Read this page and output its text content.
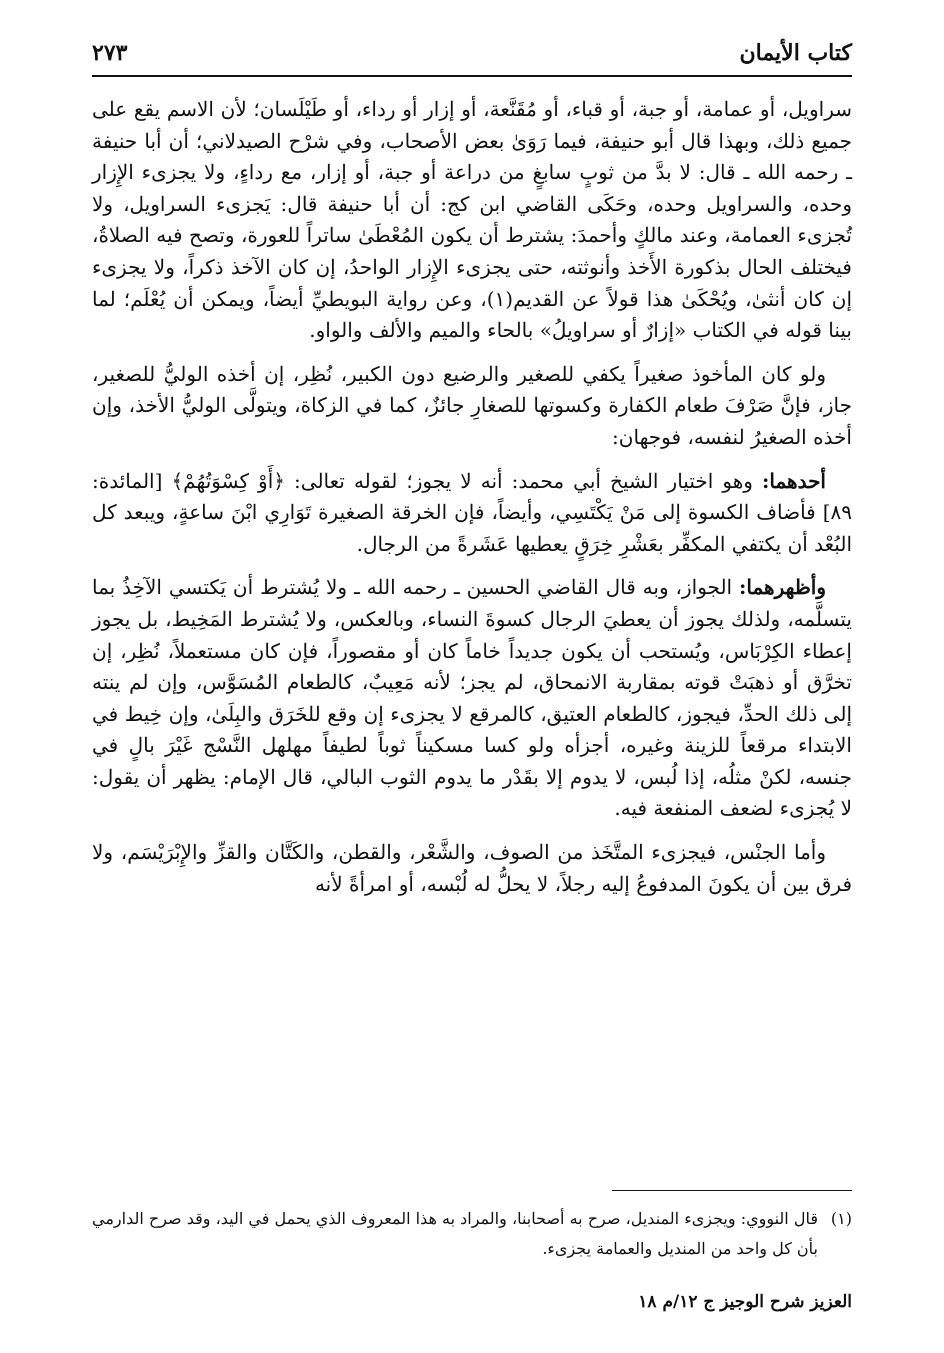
كتاب الأيمان
٢٧٣

سراويل، أو عمامة، أو جبة، أو قباء، أو مُقَنَّعة، أو إزار أو رداء، أو طَيْلَسان؛ لأن الاسم يقع على جميع ذلك، وبهذا قال أبو حنيفة، فيما رَوَىٰ بعض الأصحاب، وفي شرْح الصيدلاني؛ أن أبا حنيفة ـ رحمه الله ـ قال: لا بدَّ من ثوبٍ سابغٍ من دراعة أو جبة، أو إزار، مع رداءٍ، ولا يجزىء الإِزار وحده، والسراويل وحده، وحَكَى القاضي ابن كج: أن أبا حنيفة قال: يَجزىء السراويل، ولا تُجزىء العمامة، وعند مالكٍ وأحمدَ: يشترط أن يكون المُعْطَىٰ ساتراً للعورة، وتصح فيه الصلاةُ، فيختلف الحال بذكورة الأَخذ وأنوثته، حتى يجزىء الإِزار الواحدُ، إن كان الآخذ ذكراً، ولا يجزىء إن كان أنثىٰ، ويُحْكَىٰ هذا قولاً عن القديم(١)، وعن رواية البويطيِّ أيضاً، ويمكن أن يُعْلَم؛ لما بينا قوله في الكتاب «إزارٌ أو سراويلُ» بالحاء والميم والألف والواو.

ولو كان المأخوذ صغيراً يكفي للصغير والرضيع دون الكبير، نُظِر، إن أخذه الوليُّ للصغير، جاز، فإنَّ صَرْفَ طعام الكفارة وكسوتها للصغارِ جائزٌ، كما في الزكاة، ويتولَّى الوليُّ الأخذ، وإن أخذه الصغيرُ لنفسه، فوجهان:

أحدهما: وهو اختيار الشيخ أبي محمد: أنه لا يجوز؛ لقوله تعالى: ﴿أَوْ كِسْوَتُهُمْ﴾ [المائدة: ٨٩] فأضاف الكسوة إلى مَنْ يَكْتَسِي، وأيضاً، فإن الخرقة الصغيرة تَوَارِي ابْنَ ساعةٍ، ويبعد كل البُعْد أن يكتفي المكفِّر بعَشْرِ خِرَقٍ يعطيها عَشَرةً من الرجال.

وأظهرهما: الجواز، وبه قال القاضي الحسين ـ رحمه الله ـ ولا يُشترط أن يَكتسي الآخِذُ بما يتسلَّمه، ولذلك يجوز أن يعطيَ الرجال كسوةَ النساء، وبالعكس، ولا يُشترط المَخِيط، بل يجوز إعطاء الكِرْبَاس، ويُستحب أن يكون جديداً خاماً كان أو مقصوراً، فإن كان مستعملاً، نُظِر، إن تخرَّق أو ذهبَتْ قوته بمقاربة الانمحاق، لم يجز؛ لأنه مَعِيبٌ، كالطعام المُسَوَّس، وإن لم ينته إلى ذلك الحدِّ، فيجوز، كالطعام العتيق، كالمرقع لا يجزىء إن وقع للخَرَق والبِلَىٰ، وإن خِيط في الابتداء مرقعاً للزينة وغيره، أجزأه ولو كسا مسكيناً ثوباً لطيفاً مهلهل النَّسْج غَيْرَ بالٍ في جنسه، لكنْ مثلُه، إذا لُبس، لا يدوم إلا بقَدْر ما يدوم الثوب البالي، قال الإمام: يظهر أن يقول: لا يُجزىء لضعف المنفعة فيه.

وأما الجنْس، فيجزىء المتَّخَذ من الصوف، والشَّعْر، والقطن، والكَتَّان والقزِّ والإِبْرَيْسَم، ولا فرق بين أن يكونَ المدفوعُ إليه رجلاً، لا يحلُّ له لُبْسه، أو امرأةً لأنه

(١)
قال النووي: ويجزىء المنديل، صرح به أصحابنا، والمراد به هذا المعروف الذي يحمل في اليد، وقد صرح الدارمي بأن كل واحد من المنديل والعمامة يجزىء.
العزيز شرح الوجيز ج ١٢/م ١٨
